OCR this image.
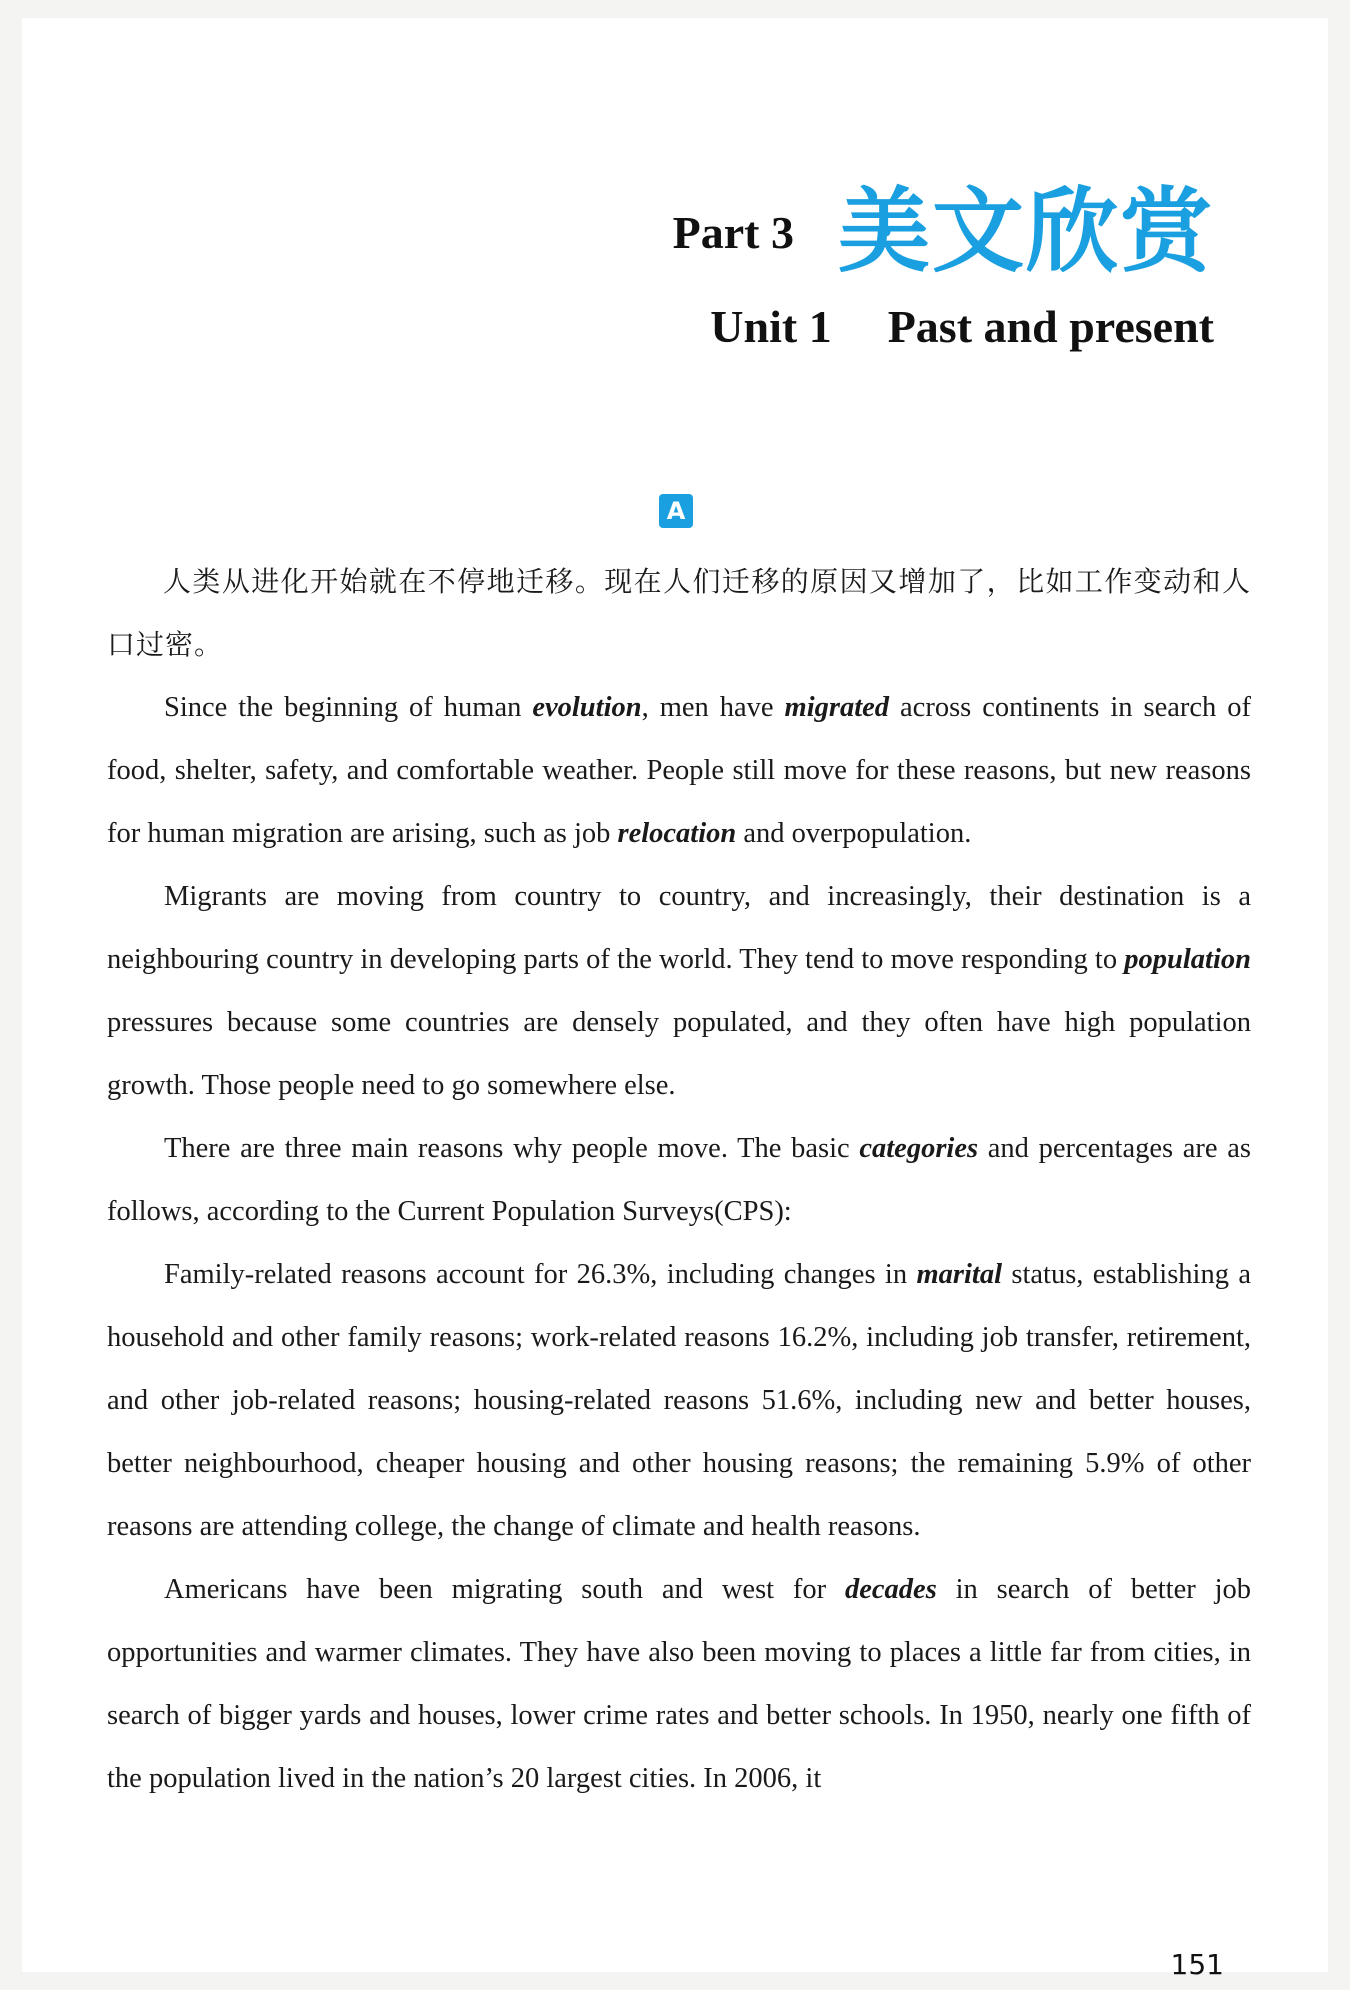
Part 3 美文欣赏
Unit 1 Past and present
A

人类从进化开始就在不停地迁移。现在人们迁移的原因又增加了，比如工作变动和人口过密。

Since the beginning of human evolution, men have migrated across continents in search of food, shelter, safety, and comfortable weather. People still move for these reasons, but new reasons for human migration are arising, such as job relocation and overpopulation.

Migrants are moving from country to country, and increasingly, their destination is a neighbouring country in developing parts of the world. They tend to move responding to population pressures because some countries are densely populated, and they often have high population growth. Those people need to go somewhere else.

There are three main reasons why people move. The basic categories and percentages are as follows, according to the Current Population Surveys(CPS):

Family-related reasons account for 26.3%, including changes in marital status, establishing a household and other family reasons; work-related reasons 16.2%, including job transfer, retirement, and other job-related reasons; housing-related reasons 51.6%, including new and better houses, better neighbourhood, cheaper housing and other housing reasons; the remaining 5.9% of other reasons are attending college, the change of climate and health reasons.

Americans have been migrating south and west for decades in search of better job opportunities and warmer climates. They have also been moving to places a little far from cities, in search of bigger yards and houses, lower crime rates and better schools. In 1950, nearly one fifth of the population lived in the nation’s 20 largest cities. In 2006, it

151
